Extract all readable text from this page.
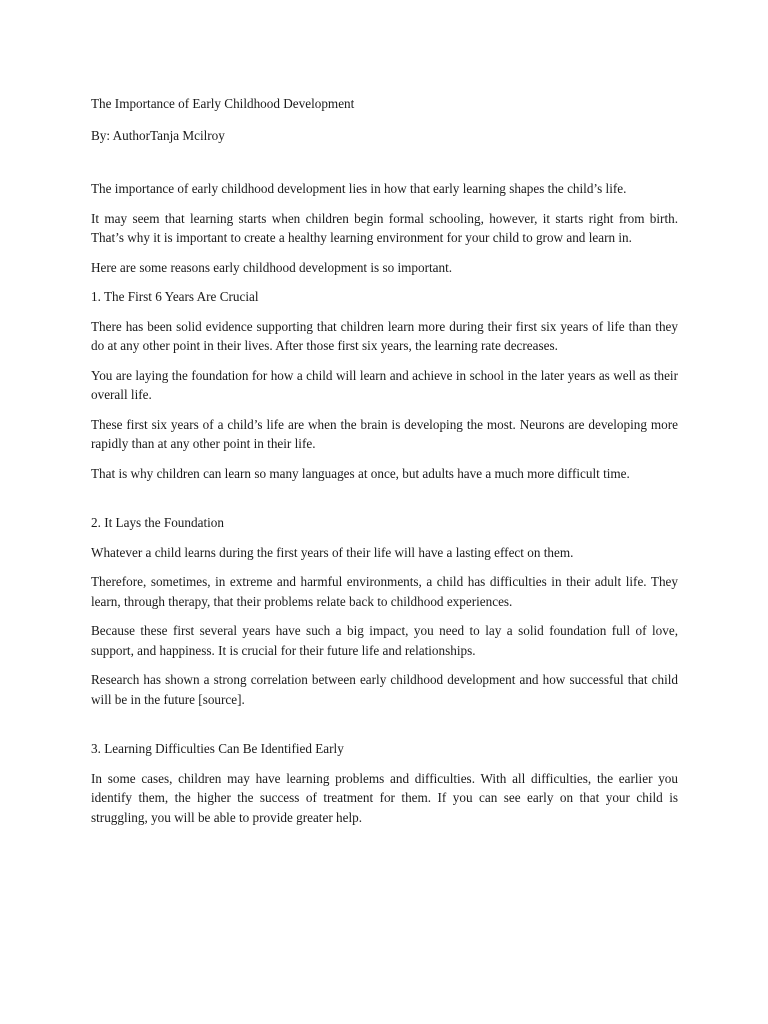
The Importance of Early Childhood Development

By: AuthorTanja Mcilroy

The importance of early childhood development lies in how that early learning shapes the child’s life.

It may seem that learning starts when children begin formal schooling, however, it starts right from birth. That’s why it is important to create a healthy learning environment for your child to grow and learn in.

Here are some reasons early childhood development is so important.

1. The First 6 Years Are Crucial

There has been solid evidence supporting that children learn more during their first six years of life than they do at any other point in their lives. After those first six years, the learning rate decreases.

You are laying the foundation for how a child will learn and achieve in school in the later years as well as their overall life.

These first six years of a child’s life are when the brain is developing the most. Neurons are developing more rapidly than at any other point in their life.

That is why children can learn so many languages at once, but adults have a much more difficult time.

2. It Lays the Foundation

Whatever a child learns during the first years of their life will have a lasting effect on them.

Therefore, sometimes, in extreme and harmful environments, a child has difficulties in their adult life. They learn, through therapy, that their problems relate back to childhood experiences.

Because these first several years have such a big impact, you need to lay a solid foundation full of love, support, and happiness. It is crucial for their future life and relationships.

Research has shown a strong correlation between early childhood development and how successful that child will be in the future [source].

3. Learning Difficulties Can Be Identified Early

In some cases, children may have learning problems and difficulties. With all difficulties, the earlier you identify them, the higher the success of treatment for them. If you can see early on that your child is struggling, you will be able to provide greater help.
